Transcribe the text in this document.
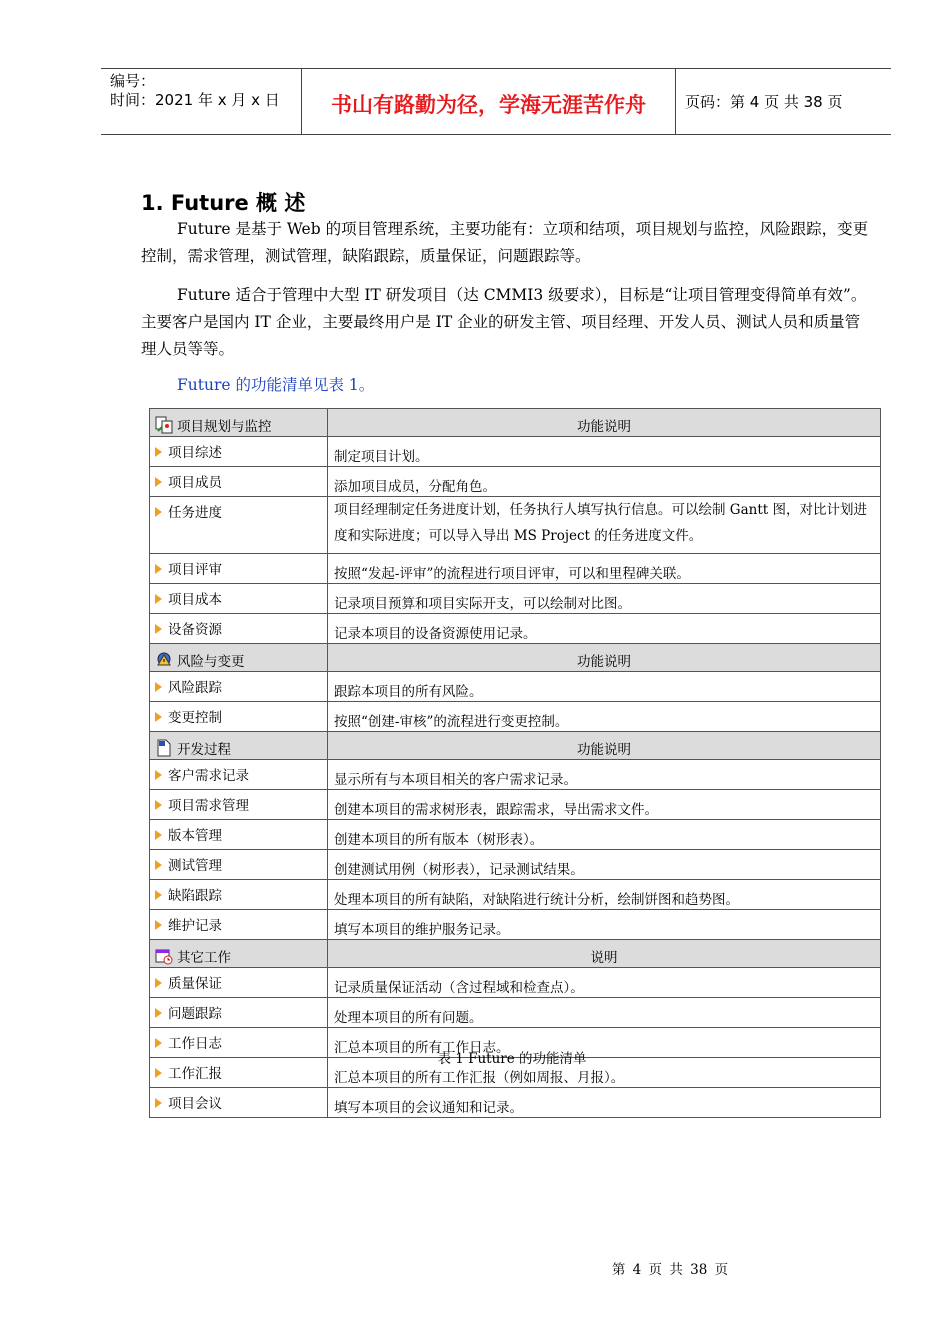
编号：
时间：2021 年 x 月 x 日	书山有路勤为径，学海无涯苦作舟	页码：第 4 页 共 38 页
1. Future 概 述
Future 是基于 Web 的项目管理系统，主要功能有：立项和结项，项目规划与监控，风险跟踪，变更控制，需求管理，测试管理，缺陷跟踪，质量保证，问题跟踪等。
Future 适合于管理中大型 IT 研发项目（达 CMMI3 级要求），目标是“让项目管理变得简单有效”。主要客户是国内 IT 企业，主要最终用户是 IT 企业的研发主管、项目经理、开发人员、测试人员和质量管理人员等等。
Future 的功能清单见表 1。
项目规划与监控	功能说明
项目综述	制定项目计划。
项目成员	添加项目成员，分配角色。
任务进度	项目经理制定任务进度计划，任务执行人填写执行信息。可以绘制 Gantt 图，对比计划进度和实际进度；可以导入导出 MS Project 的任务进度文件。
项目评审	按照“发起-评审”的流程进行项目评审，可以和里程碑关联。
项目成本	记录项目预算和项目实际开支，可以绘制对比图。
设备资源	记录本项目的设备资源使用记录。
风险与变更	功能说明
风险跟踪	跟踪本项目的所有风险。
变更控制	按照“创建-审核”的流程进行变更控制。
开发过程	功能说明
客户需求记录	显示所有与本项目相关的客户需求记录。
项目需求管理	创建本项目的需求树形表，跟踪需求，导出需求文件。
版本管理	创建本项目的所有版本（树形表）。
测试管理	创建测试用例（树形表），记录测试结果。
缺陷跟踪	处理本项目的所有缺陷，对缺陷进行统计分析，绘制饼图和趋势图。
维护记录	填写本项目的维护服务记录。
其它工作	说明
质量保证	记录质量保证活动（含过程域和检查点）。
问题跟踪	处理本项目的所有问题。
工作日志	汇总本项目的所有工作日志。
工作汇报	汇总本项目的所有工作汇报（例如周报、月报）。
项目会议	填写本项目的会议通知和记录。
表 1 Future 的功能清单
第 4 页 共 38 页
